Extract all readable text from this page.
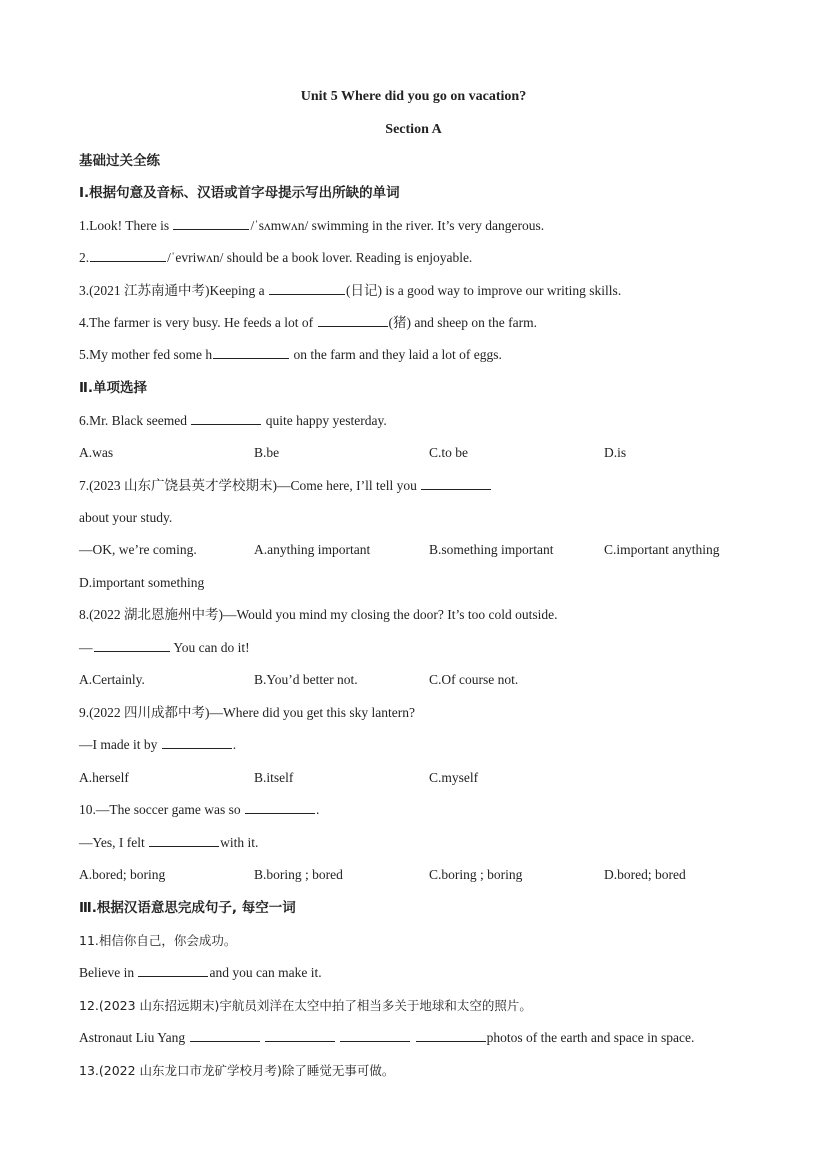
Unit 5 Where did you go on vacation?
Section A
基础过关全练
Ⅰ.根据句意及音标、汉语或首字母提示写出所缺的单词
1.Look! There is	/ˈsʌmwʌn/ swimming in the river. It’s very dangerous.
2.	/ˈevriwʌn/ should be a book lover. Reading is enjoyable.
3.(2021 江苏南通中考)Keeping a	(日记) is a good way to improve our writing skills.
4.The farmer is very busy. He feeds a lot of	(猪) and sheep on the farm.
5.My mother fed some h	on the farm and they laid a lot of eggs.
Ⅱ.单项选择
6.Mr. Black seemed	quite happy yesterday.
A.was	B.be	C.to be	D.is
7.(2023 山东广饶县英才学校期末)—Come here, I’ll tell you
about your study.
—OK, we’re coming.	A.anything important	B.something important	C.important anything
D.important something
8.(2022 湖北恩施州中考)—Would you mind my closing the door? It’s too cold outside.
—	You can do it!
A.Certainly.	B.You’d better not.	C.Of course not.
9.(2022 四川成都中考)—Where did you get this sky lantern?
—I made it by	.
A.herself	B.itself	C.myself
10.—The soccer game was so	.
—Yes, I felt	with it.
A.bored; boring	B.boring ; bored	C.boring ; boring	D.bored; bored
Ⅲ.根据汉语意思完成句子, 每空一词
11.相信你自己，你会成功。
Believe in	and you can make it.
12.(2023 山东招远期末)宇航员刘洋在太空中拍了相当多关于地球和太空的照片。
Astronaut Liu Yang	photos of the earth and space in space.
13.(2022 山东龙口市龙矿学校月考)除了睡觉无事可做。
